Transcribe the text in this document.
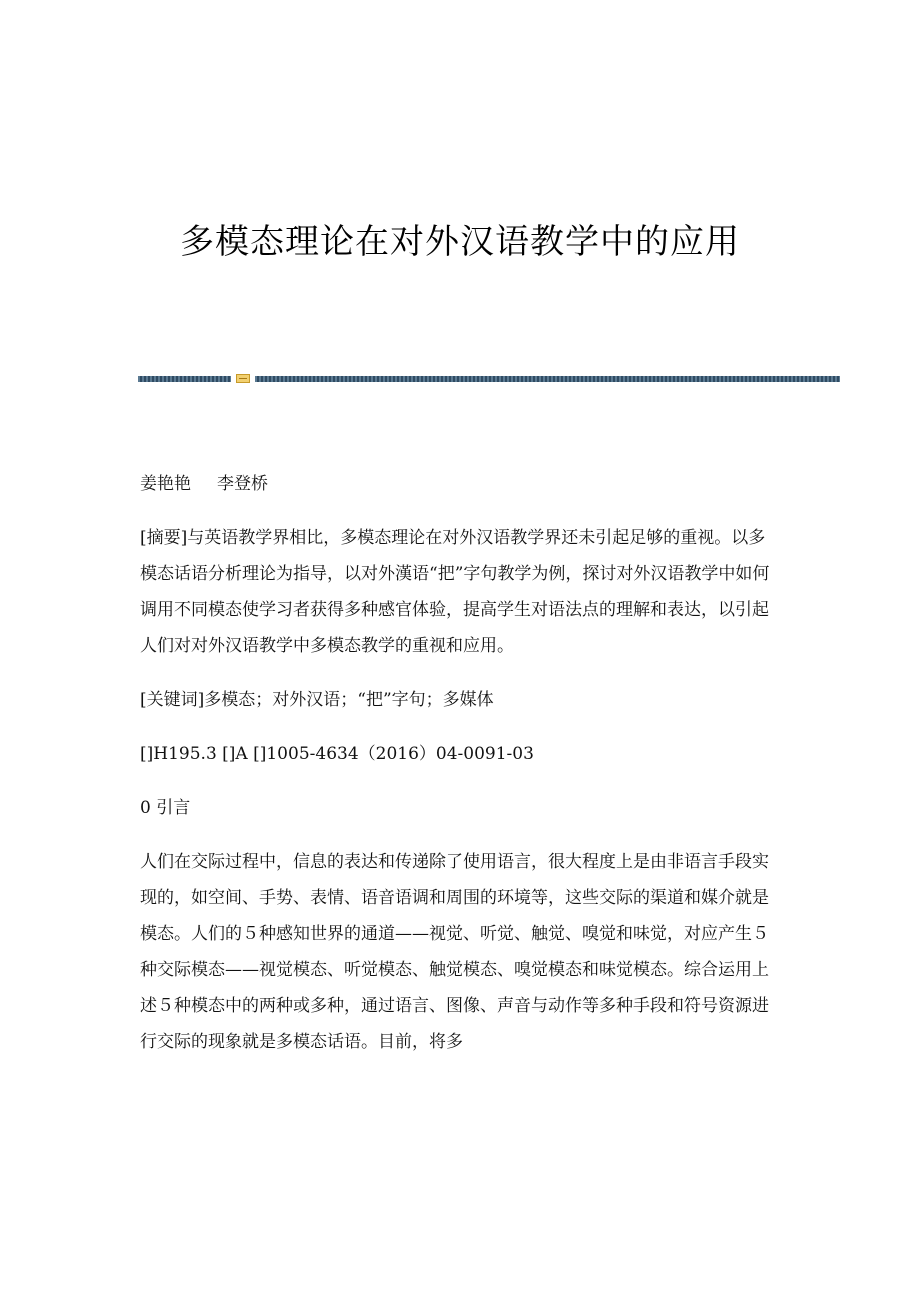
多模态理论在对外汉语教学中的应用

姜艳艳 李登桥

[摘要]与英语教学界相比，多模态理论在对外汉语教学界还未引起足够的重视。以多模态话语分析理论为指导，以对外漢语“把”字句教学为例，探讨对外汉语教学中如何调用不同模态使学习者获得多种感官体验，提高学生对语法点的理解和表达，以引起人们对对外汉语教学中多模态教学的重视和应用。

[关键词]多模态；对外汉语；“把”字句；多媒体

[]H195.3 []A []1005-4634（2016）04-0091-03

0 引言

人们在交际过程中，信息的表达和传递除了使用语言，很大程度上是由非语言手段实现的，如空间、手势、表情、语音语调和周围的环境等，这些交际的渠道和媒介就是模态。人们的５种感知世界的通道——视觉、听觉、触觉、嗅觉和味觉，对应产生５种交际模态——视觉模态、听觉模态、触觉模态、嗅觉模态和味觉模态。综合运用上述５种模态中的两种或多种，通过语言、图像、声音与动作等多种手段和符号资源进行交际的现象就是多模态话语。目前，将多
